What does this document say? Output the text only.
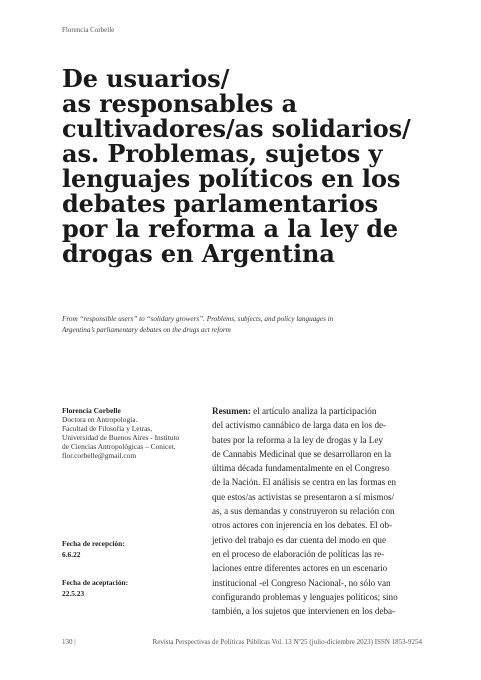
Florencia Corbelle
De usuarios/
as responsables a
cultivadores/as solidarios/
as. Problemas, sujetos y
lenguajes políticos en los
debates parlamentarios
por la reforma a la ley de
drogas en Argentina
From “responsible users” to “solidary growers”. Problems, subjects, and policy languages in
Argentina’s parliamentary debates on the drugs act reform
Florencia Corbelle
Doctora en Antropología.
Facultad de Filosofía y Letras,
Universidad de Buenos Aires - Instituto
de Ciencias Antropológicas – Conicet.
flor.corbelle@gmail.com
Fecha de recepción:
6.6.22
Fecha de aceptación:
22.5.23
Resumen: el artículo analiza la participación
del activismo cannábico de larga data en los de-
bates por la reforma a la ley de drogas y la Ley
de Cannabis Medicinal que se desarrollaron en la
última década fundamentalmente en el Congreso
de la Nación. El análisis se centra en las formas en
que estos/as activistas se presentaron a sí mismos/
as, a sus demandas y construyeron su relación con
otros actores con injerencia en los debates. El ob-
jetivo del trabajo es dar cuenta del modo en que
en el proceso de elaboración de políticas las re-
laciones entre diferentes actores en un escenario
institucional -el Congreso Nacional-, no sólo van
configurando problemas y lenguajes políticos; sino
también, a los sujetos que intervienen en los deba-
130 |	Revista Perspectivas de Políticas Públicas Vol. 13 Nº25 (julio-diciembre 2023) ISSN 1853-9254
